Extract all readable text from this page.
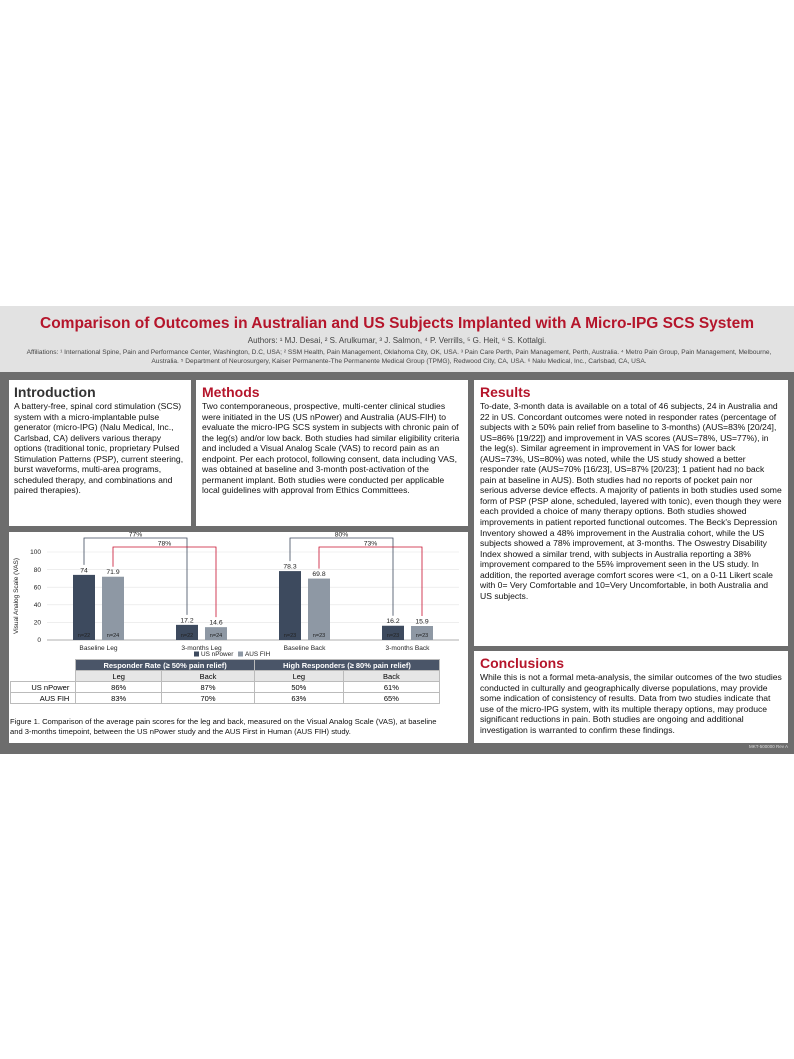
Comparison of Outcomes in Australian and US Subjects Implanted with A Micro-IPG SCS System
Authors: ¹ MJ. Desai, ² S. Arulkumar, ³ J. Salmon, ⁴ P. Verrills, ⁵ G. Heit, ⁶ S. Kottalgi.
Affiliations: ¹ International Spine, Pain and Performance Center, Washington, D.C, USA; ² SSM Health, Pain Management, Oklahoma City, OK, USA. ³ Pain Care Perth, Pain Management, Perth, Australia. ⁴ Metro Pain Group, Pain Management, Melbourne, Australia. ⁵ Department of Neurosurgery, Kaiser Permanente-The Permanente Medical Group (TPMG), Redwood City, CA, USA. ⁶ Nalu Medical, Inc., Carlsbad, CA, USA.
Introduction

A battery-free, spinal cord stimulation (SCS) system with a micro-implantable pulse generator (micro-IPG) (Nalu Medical, Inc., Carlsbad, CA) delivers various therapy options (traditional tonic, proprietary Pulsed Stimulation Patterns (PSP), current steering, burst waveforms, multi-area programs, scheduled therapy, and combinations and paired therapies).

Methods

Two contemporaneous, prospective, multi-center clinical studies were initiated in the US (US nPower) and Australia (AUS-FIH) to evaluate the micro-IPG SCS system in subjects with chronic pain of the leg(s) and/or low back. Both studies had similar eligibility criteria and included a Visual Analog Scale (VAS) to record pain as an endpoint. Per each protocol, following consent, data including VAS, was obtained at baseline and 3-month post-activation of the permanent implant. Both studies were conducted per applicable local guidelines with approval from Ethics Committees.

Results

To-date, 3-month data is available on a total of 46 subjects, 24 in Australia and 22 in US. Concordant outcomes were noted in responder rates (percentage of subjects with ≥ 50% pain relief from baseline to 3-months) (AUS=83% [20/24], US=86% [19/22]) and improvement in VAS scores (AUS=78%, US=77%), in the leg(s). Similar agreement in improvement in VAS for lower back (AUS=73%, US=80%) was noted, while the US study showed a better responder rate (AUS=70% [16/23], US=87% [20/23]; 1 patient had no back pain at baseline in AUS). Both studies had no reports of pocket pain nor serious adverse device effects. A majority of patients in both studies used some form of PSP (PSP alone, scheduled, layered with tonic), even though they were each provided a choice of many therapy options. Both studies showed improvements in patient reported functional outcomes. The Beck's Depression Inventory showed a 48% improvement in the Australia cohort, while the US subjects showed a 78% improvement, at 3-months. The Oswestry Disability Index showed a similar trend, with subjects in Australia reporting a 38% improvement compared to the 55% improvement seen in the US study. In addition, the reported average comfort scores were <1, on a 0-11 Likert scale with 0= Very Comfortable and 10=Very Uncomfortable, in both Australia and US subjects.

Conclusions

While this is not a formal meta-analysis, the similar outcomes of the two studies conducted in culturally and geographically diverse populations, may provide some indication of consistency of results. Data from two studies indicate that use of the micro-IPG system, with its multiple therapy options, may produce significant reductions in pain. Both studies are ongoing and additional investigation is warranted to confirm these findings.

Visual Analog Scale (VAS)
0
20
40
60
80
100
Baseline Leg	3-months Leg	Baseline Back	3-months Back
74
n=22
17.2
n=22
78.3
n=23
16.2
n=23
71.9
n=24
14.6
n=24
69.8
n=23
15.9
n=23
77%
78%
80%
73%
US nPower AUS FIH
	Responder Rate (≥ 50% pain relief)		High Responders (≥ 80% pain relief)	
	Leg	Back	Leg	Back
US nPower	86%	87%	50%	61%
AUS FIH	83%	70%	63%	65%
Figure 1. Comparison of the average pain scores for the leg and back, measured on the Visual Analog Scale (VAS), at baseline and 3-months timepoint, between the US nPower study and the AUS First in Human (AUS FIH) study.
MKT-500000 Rev A
